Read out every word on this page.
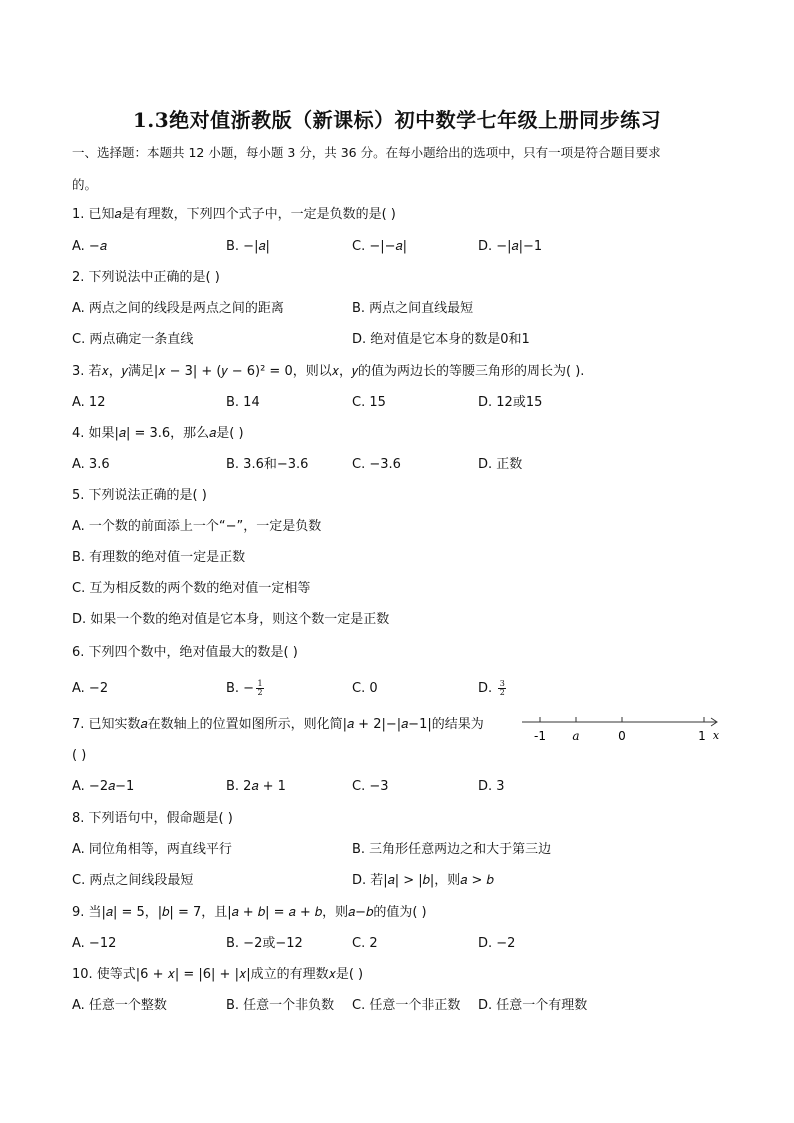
1.3绝对值浙教版（新课标）初中数学七年级上册同步练习
一、选择题：本题共 12 小题，每小题 3 分，共 36 分。在每小题给出的选项中，只有一项是符合题目要求
的。
1. 已知𝑎是有理数，下列四个式子中，一定是负数的是( )
A. −𝑎	B. −|𝑎|	C. −|−𝑎|	D. −|𝑎|−1
2. 下列说法中正确的是( )
A. 两点之间的线段是两点之间的距离	B. 两点之间直线最短
C. 两点确定一条直线	D. 绝对值是它本身的数是0和1
3. 若𝑥，𝑦满足|𝑥 − 3| + (𝑦 − 6)² = 0，则以𝑥，𝑦的值为两边长的等腰三角形的周长为( ).
A. 12	B. 14	C. 15	D. 12或15
4. 如果|𝑎| = 3.6，那么𝑎是( )
A. 3.6	B. 3.6和−3.6	C. −3.6	D. 正数
5. 下列说法正确的是( )
A. 一个数的前面添上一个“−”，一定是负数
B. 有理数的绝对值一定是正数
C. 互为相反数的两个数的绝对值一定相等
D. 如果一个数的绝对值是它本身，则这个数一定是正数
6. 下列四个数中，绝对值最大的数是( )
A. −2	B. − $\frac{1}{2}$	C. 0	D. $\frac{3}{2}$
7. 已知实数𝑎在数轴上的位置如图所示，则化简|𝑎 + 2|−|𝑎−1|的结果为
( )
-1 𝑎	0	1 𝑥
A. −2𝑎−1	B. 2𝑎 + 1	C. −3	D. 3
8. 下列语句中，假命题是( )
A. 同位角相等，两直线平行	B. 三角形任意两边之和大于第三边
C. 两点之间线段最短	D. 若|𝑎| > |𝑏|，则𝑎 > 𝑏
9. 当|𝑎| = 5，|𝑏| = 7，且|𝑎 + 𝑏| = 𝑎 + 𝑏，则𝑎−𝑏的值为( )
A. −12	B. −2或−12	C. 2	D. −2
10. 使等式|6 + 𝑥| = |6| + |𝑥|成立的有理数𝑥是( )
A. 任意一个整数	B. 任意一个非负数 C. 任意一个非正数 D. 任意一个有理数
